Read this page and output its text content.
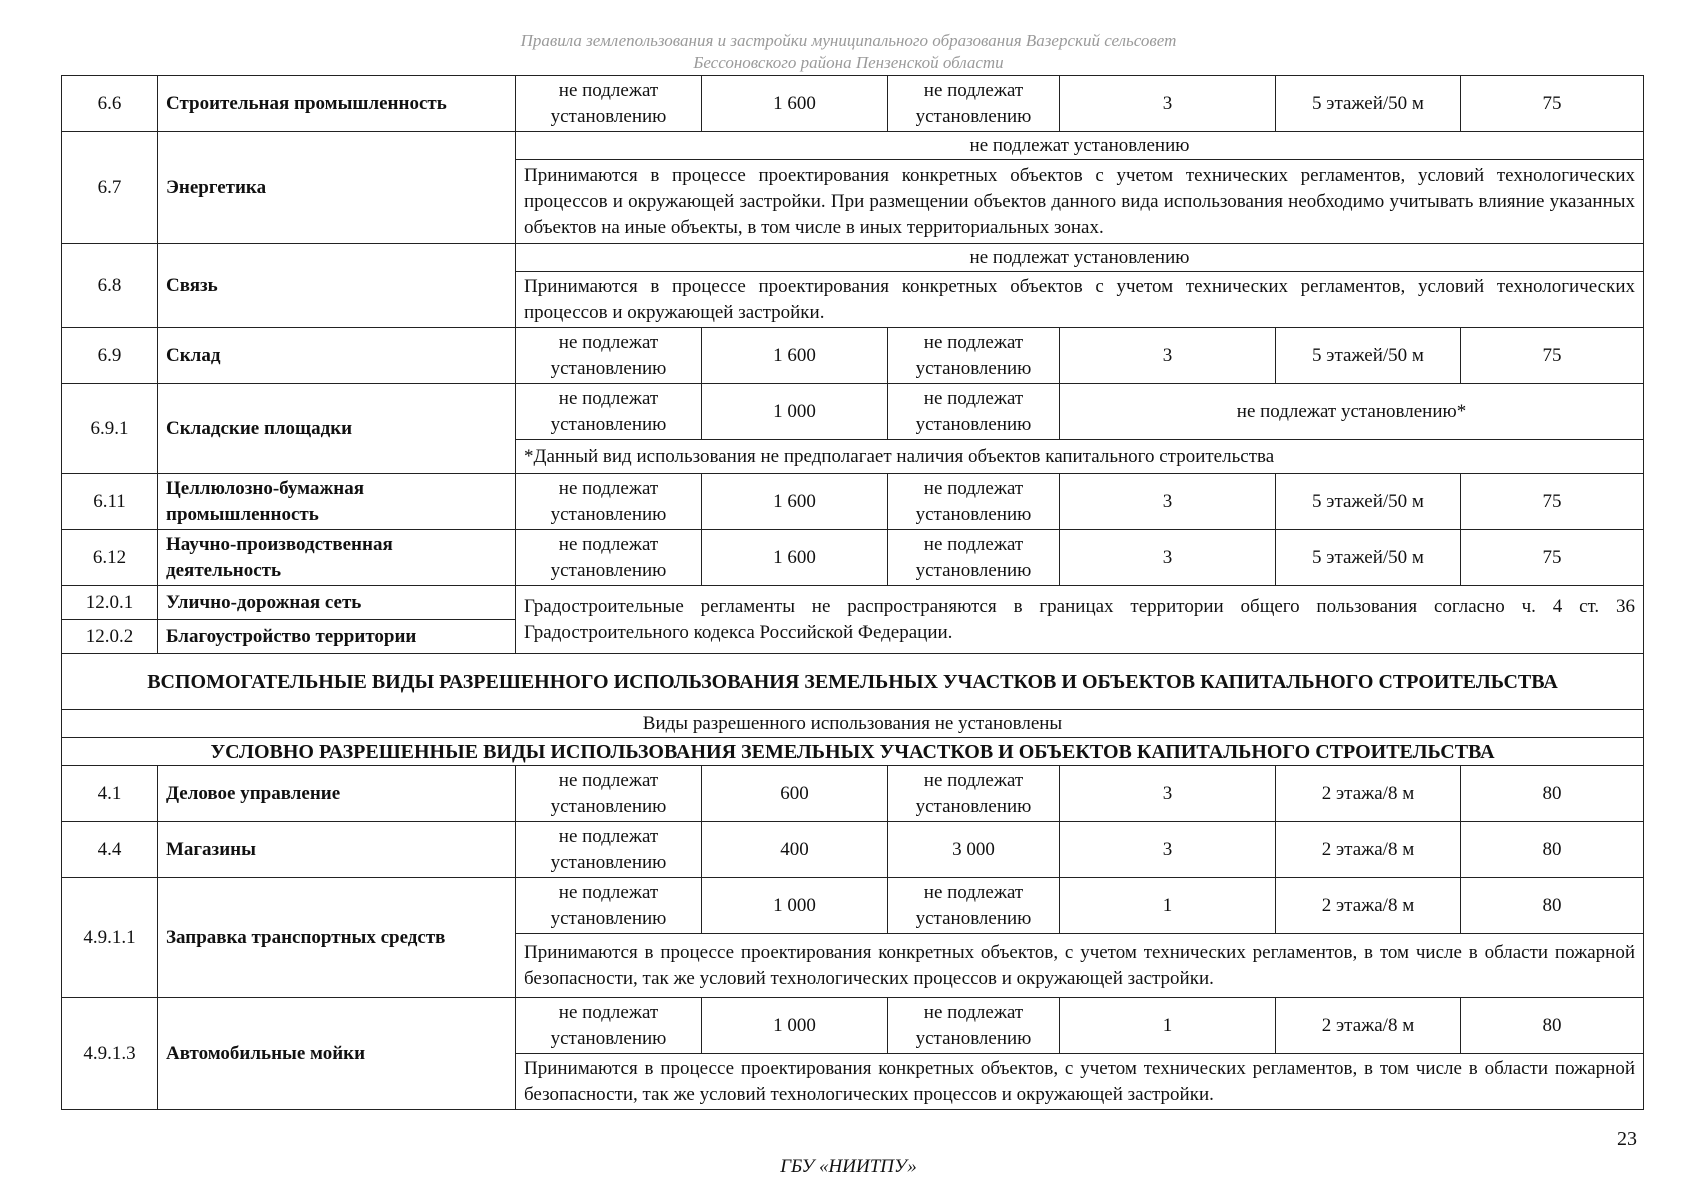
Правила землепользования и застройки муниципального образования Вазерский сельсовет
Бессоновского района Пензенской области
6.6	Строительная промышленность	не подлежат установлению	1 600	не подлежат установлению	3	5 этажей/50 м	75
6.7	Энергетика	не подлежат установлению					
		Принимаются в процессе проектирования конкретных объектов с учетом технических регламентов, условий технологических процессов и окружающей застройки. При размещении объектов данного вида использования необходимо учитывать влияние указанных объектов на иные объекты, в том числе в иных территориальных зонах.					
6.8	Связь	не подлежат установлению					
		Принимаются в процессе проектирования конкретных объектов с учетом технических регламентов, условий технологических процессов и окружающей застройки.					
6.9	Склад	не подлежат установлению	1 600	не подлежат установлению	3	5 этажей/50 м	75
6.9.1	Складские площадки	не подлежат установлению	1 000	не подлежат установлению	не подлежат установлению*		
		*Данный вид использования не предполагает наличия объектов капитального строительства					
6.11	Целлюлозно-бумажная промышленность	не подлежат установлению	1 600	не подлежат установлению	3	5 этажей/50 м	75
6.12	Научно-производственная деятельность	не подлежат установлению	1 600	не подлежат установлению	3	5 этажей/50 м	75
12.0.1	Улично-дорожная сеть	Градостроительные регламенты не распространяются в границах территории общего пользования согласно ч. 4 ст. 36 Градостроительного кодекса Российской Федерации.					
12.0.2	Благоустройство территории						
ВСПОМОГАТЕЛЬНЫЕ ВИДЫ РАЗРЕШЕННОГО ИСПОЛЬЗОВАНИЯ ЗЕМЕЛЬНЫХ УЧАСТКОВ И ОБЪЕКТОВ КАПИТАЛЬНОГО СТРОИТЕЛЬСТВА							
Виды разрешенного использования не установлены							
УСЛОВНО РАЗРЕШЕННЫЕ ВИДЫ ИСПОЛЬЗОВАНИЯ ЗЕМЕЛЬНЫХ УЧАСТКОВ И ОБЪЕКТОВ КАПИТАЛЬНОГО СТРОИТЕЛЬСТВА							
4.1	Деловое управление	не подлежат установлению	600	не подлежат установлению	3	2 этажа/8 м	80
4.4	Магазины	не подлежат установлению	400	3 000	3	2 этажа/8 м	80
4.9.1.1	Заправка транспортных средств	не подлежат установлению	1 000	не подлежат установлению	1	2 этажа/8 м	80
		Принимаются в процессе проектирования конкретных объектов, с учетом технических регламентов, в том числе в области пожарной безопасности, так же условий технологических процессов и окружающей застройки.					
4.9.1.3	Автомобильные мойки	не подлежат установлению	1 000	не подлежат установлению	1	2 этажа/8 м	80
		Принимаются в процессе проектирования конкретных объектов, с учетом технических регламентов, в том числе в области пожарной безопасности, так же условий технологических процессов и окружающей застройки.					
23
ГБУ «НИИТПУ»
